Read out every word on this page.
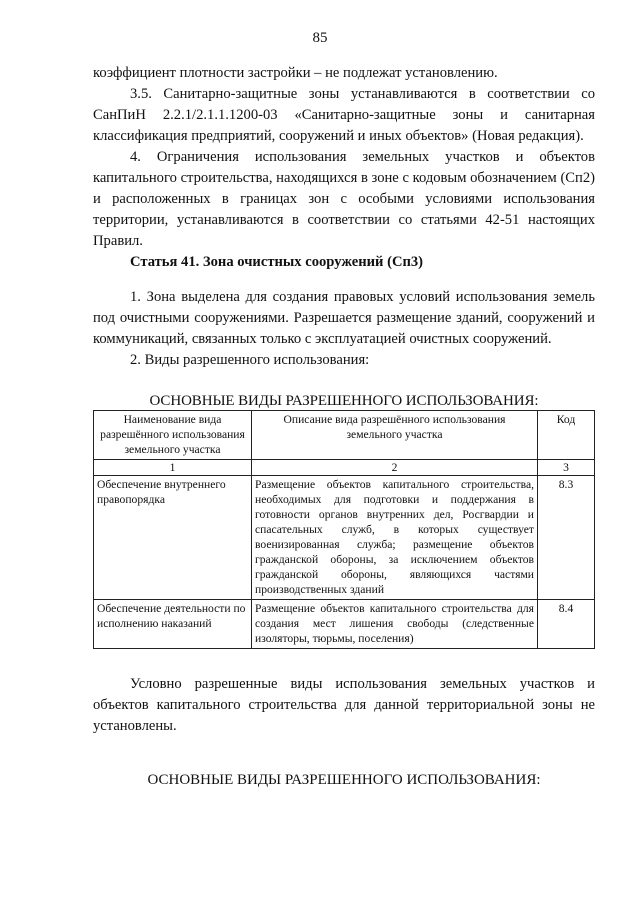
85

коэффициент плотности застройки – не подлежат установлению.

3.5. Санитарно-защитные зоны устанавливаются в соответствии со СанПиН 2.2.1/2.1.1.1200-03 «Санитарно-защитные зоны и санитарная классификация предприятий, сооружений и иных объектов» (Новая редакция).

4. Ограничения использования земельных участков и объектов капитального строительства, находящихся в зоне с кодовым обозначением (Сп2) и расположенных в границах зон с особыми условиями использования территории, устанавливаются в соответствии со статьями 42-51 настоящих Правил.

Статья 41. Зона очистных сооружений (Сп3)

1. Зона выделена для создания правовых условий использования земель под очистными сооружениями. Разрешается размещение зданий, сооружений и коммуникаций, связанных только с эксплуатацией очистных сооружений.

2. Виды разрешенного использования:

ОСНОВНЫЕ ВИДЫ РАЗРЕШЕННОГО ИСПОЛЬЗОВАНИЯ:
Наименование вида разрешённого использования земельного участка	Описание вида разрешённого использования земельного участка	Код
1	2	3
Обеспечение внутреннего правопорядка	Размещение объектов капитального строительства, необходимых для подготовки и поддержания в готовности органов внутренних дел, Росгвардии и спасательных служб, в которых существует военизированная служба; размещение объектов гражданской обороны, за исключением объектов гражданской обороны, являющихся частями производственных зданий	8.3
Обеспечение деятельности по исполнению наказаний	Размещение объектов капитального строительства для создания мест лишения свободы (следственные изоляторы, тюрьмы, поселения)	8.4

Условно разрешенные виды использования земельных участков и объектов капитального строительства для данной территориальной зоны не установлены.

ОСНОВНЫЕ ВИДЫ РАЗРЕШЕННОГО ИСПОЛЬЗОВАНИЯ:
